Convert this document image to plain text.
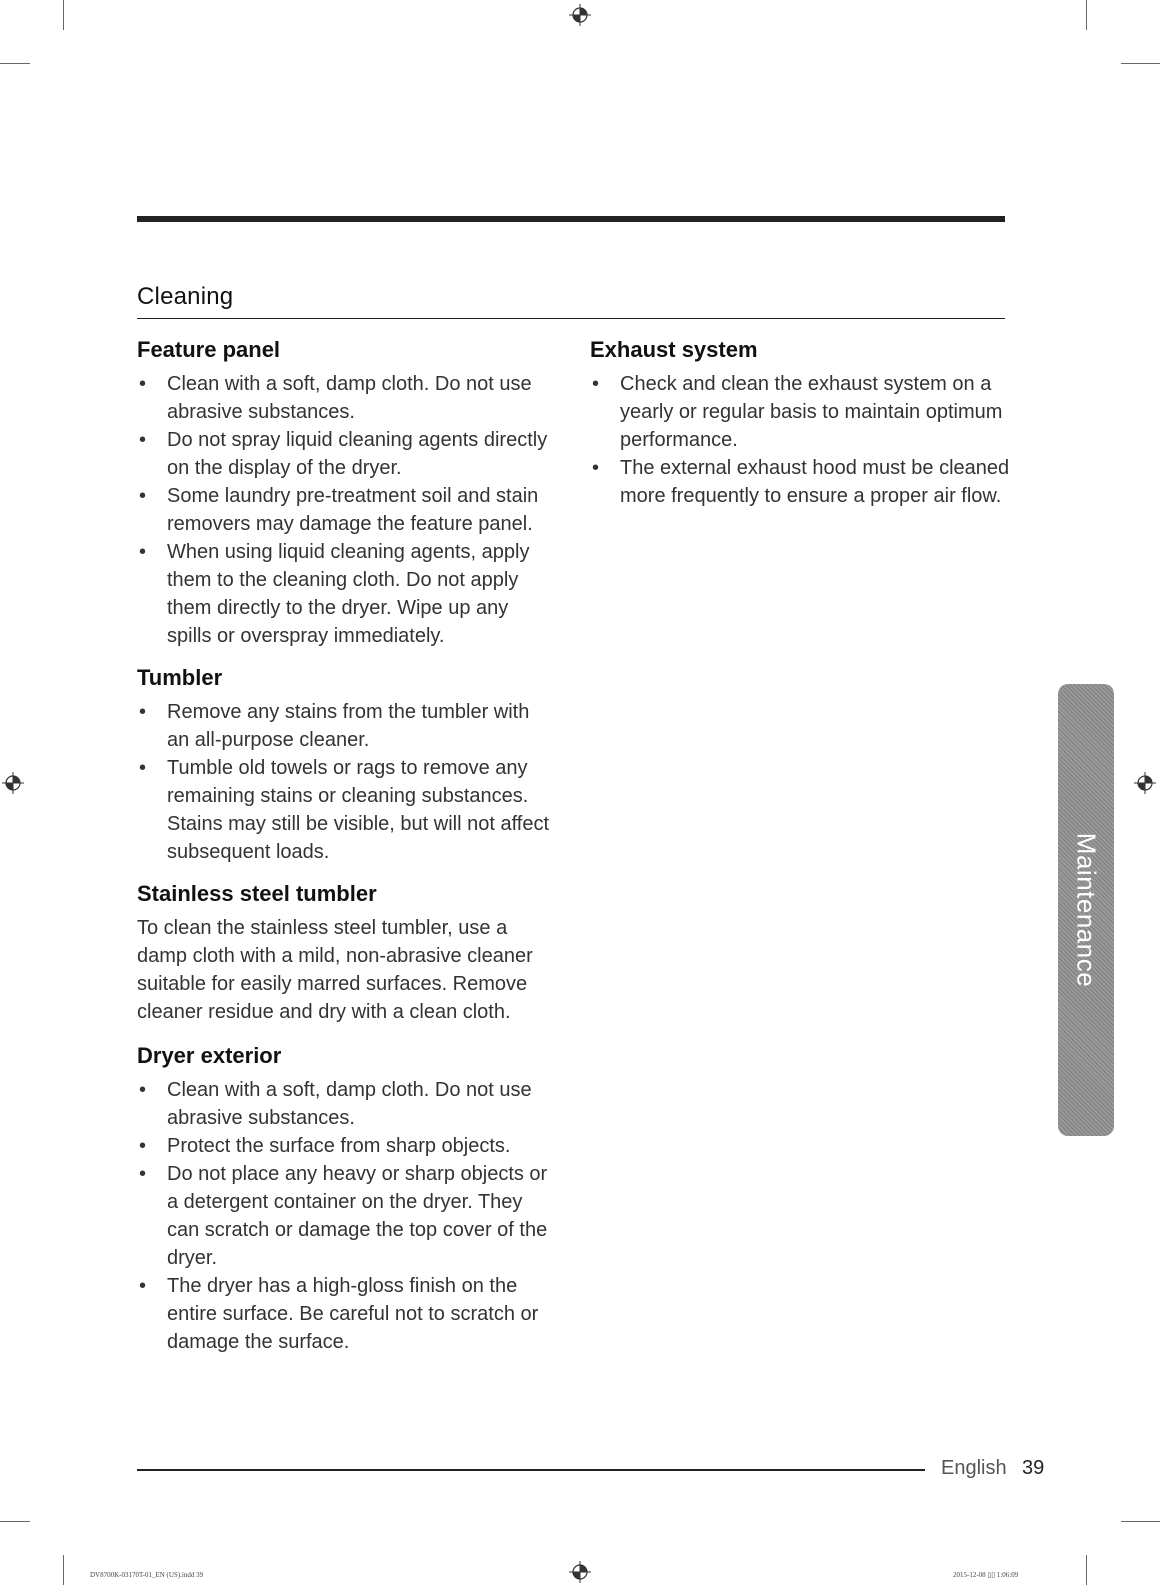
Cleaning
Feature panel
• Clean with a soft, damp cloth. Do not use abrasive substances.
• Do not spray liquid cleaning agents directly on the display of the dryer.
• Some laundry pre-treatment soil and stain removers may damage the feature panel.
• When using liquid cleaning agents, apply them to the cleaning cloth. Do not apply them directly to the dryer. Wipe up any spills or overspray immediately.
Tumbler
• Remove any stains from the tumbler with an all-purpose cleaner.
• Tumble old towels or rags to remove any remaining stains or cleaning substances. Stains may still be visible, but will not affect subsequent loads.
Stainless steel tumbler

To clean the stainless steel tumbler, use a damp cloth with a mild, non-abrasive cleaner suitable for easily marred surfaces. Remove cleaner residue and dry with a clean cloth.

Dryer exterior
• Clean with a soft, damp cloth. Do not use abrasive substances.
• Protect the surface from sharp objects.
• Do not place any heavy or sharp objects or a detergent container on the dryer. They can scratch or damage the top cover of the dryer.
• The dryer has a high-gloss finish on the entire surface. Be careful not to scratch or damage the surface.
Exhaust system
• Check and clean the exhaust system on a yearly or regular basis to maintain optimum performance.
• The external exhaust hood must be cleaned more frequently to ensure a proper air flow.
Maintenance
English 39
DV8700K-03170T-01_EN (US).indd 39	2015-12-08 ▯▯ 1:06:09
